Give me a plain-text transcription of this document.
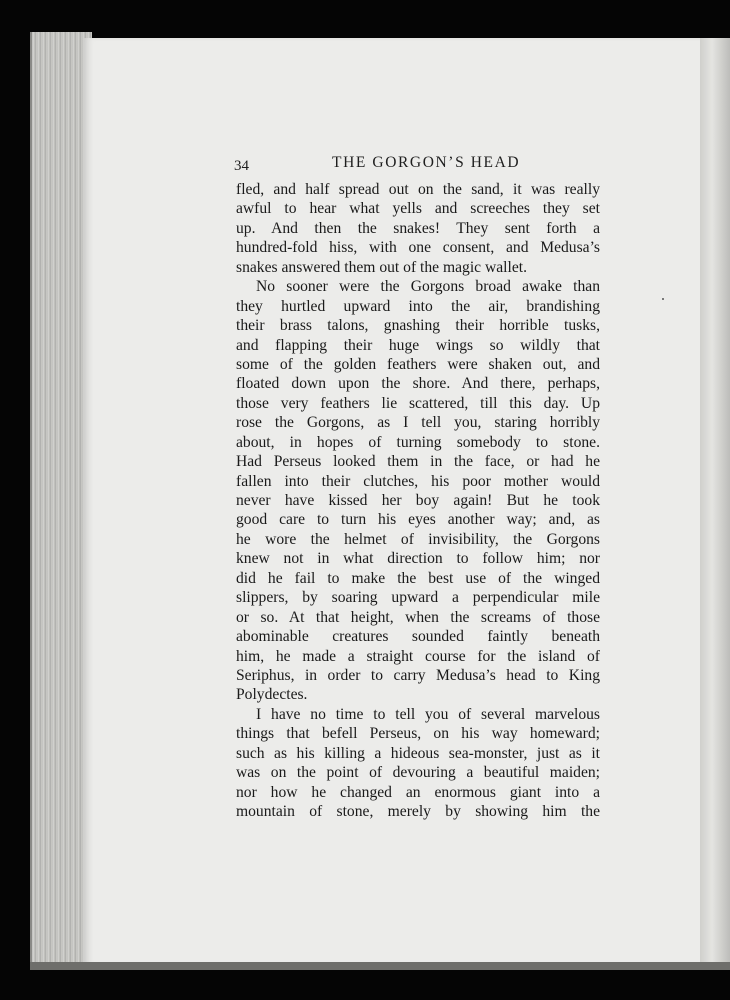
34	THE GORGON’S HEAD
fled, and half spread out on the sand, it was really
awful to hear what yells and screeches they set
up. And then the snakes! They sent forth a
hundred-fold hiss, with one consent, and Medusa’s
snakes answered them out of the magic wallet.
No sooner were the Gorgons broad awake than
they hurtled upward into the air, brandishing
their brass talons, gnashing their horrible tusks,
and flapping their huge wings so wildly that
some of the golden feathers were shaken out, and
floated down upon the shore. And there, perhaps,
those very feathers lie scattered, till this day. Up
rose the Gorgons, as I tell you, staring horribly
about, in hopes of turning somebody to stone.
Had Perseus looked them in the face, or had he
fallen into their clutches, his poor mother would
never have kissed her boy again! But he took
good care to turn his eyes another way; and, as
he wore the helmet of invisibility, the Gorgons
knew not in what direction to follow him; nor
did he fail to make the best use of the winged
slippers, by soaring upward a perpendicular mile
or so. At that height, when the screams of those
abominable creatures sounded faintly beneath
him, he made a straight course for the island of
Seriphus, in order to carry Medusa’s head to King
Polydectes.
I have no time to tell you of several marvelous
things that befell Perseus, on his way homeward;
such as his killing a hideous sea-monster, just as it
was on the point of devouring a beautiful maiden;
nor how he changed an enormous giant into a
mountain of stone, merely by showing him the
